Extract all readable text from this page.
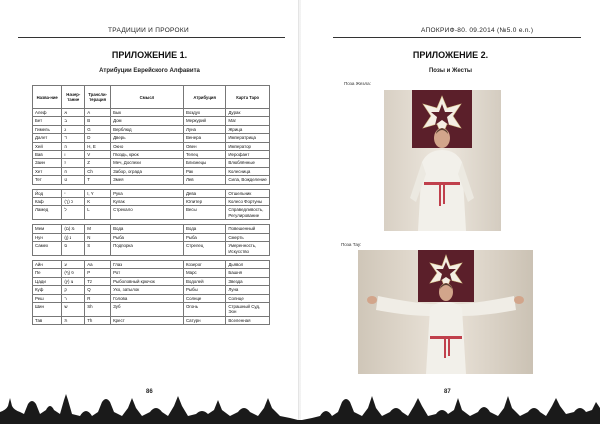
ТРАДИЦИИ И ПРОРОКИ
ПРИЛОЖЕНИЕ 1.
Атрибуции Еврейского Алфавита
Назва-ние	Начер-тание	Трансли-терация	Смысл	Атрибуция	Карта Таро
Алеф	א	А	Бык	Воздух	Дурак
Бет	ב	В	Дом	Меркурий	Маг
Гимель	ג	G	Верблюд	Луна	Жрица
Далет	ד	D	Дверь	Венера	Императрица
Хей	ה	H, E	Окно	Овен	Император
Вав	ו	V	Гвоздь, крюк	Телец	Иерофант
Заин	ז	Z	Меч, Доспехи	Близнецы	Влюблённые
Хет	ח	Ch	Забор, ограда	Рак	Колесница
Тет	ט	T	Змея	Лев	Сила, Вожделение

Йод	י	I, Y	Рука	Дева	Отшельник
Каф	(ך) כ	K	Кулак	Юпитер	Колесо Фортуны
Ламед	ל	L	Стрекало	Весы	Справедливость, Регулирование

Мем	(ם) מ	M	Вода	Вода	Повешенный
Нун	(ן) נ	N	Рыба	Рыба	Смерть
Самех	ס	S	Подпорка	Стрелец	Умеренность, Искусство

Айн	ע	Aa	Глаз	Козерог	Дьявол
Пе	(ף) פ	P	Рот	Марс	Башня
Цади	(ץ) צ	Tz	Рыболовный крючок	Водолей	Звезда
Куф	ק	Q	Ухо, затылок	Рыбы	Луна
Реш	ר	R	Голова	Солнце	Солнце
Шин	ש	Sh	Зуб	Огонь	Страшный Суд, Эон
Тав	ת	Th	Крест	Сатурн	Вселенная
86
АПОКРИФ-80. 09.2014 (№5.0 e.n.)
ПРИЛОЖЕНИЕ 2.
Позы и Жесты
Поза Жезла:
Поза Тау:
87
